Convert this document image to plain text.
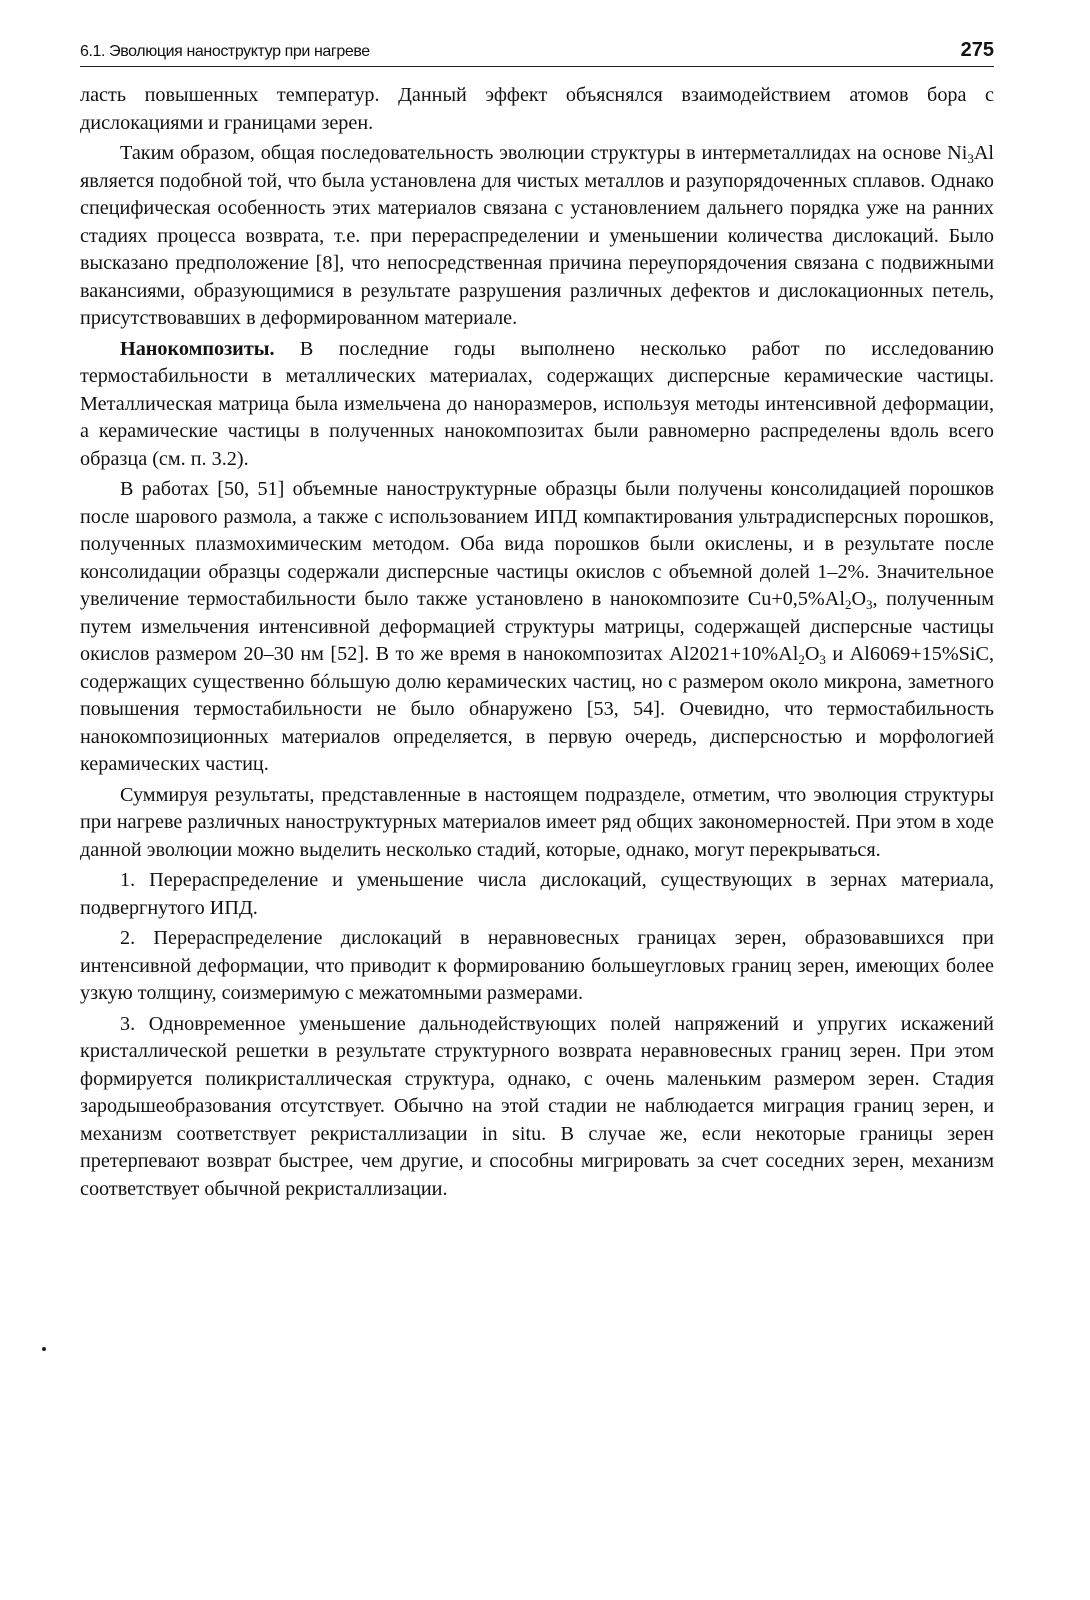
6.1. Эволюция наноструктур при нагреве	275

ласть повышенных температур. Данный эффект объяснялся взаимодействием атомов бора с дислокациями и границами зерен.

Таким образом, общая последовательность эволюции структуры в интерметаллидах на основе $Ni_3Al$ является подобной той, что была установлена для чистых металлов и разупорядоченных сплавов. Однако специфическая особенность этих материалов связана с установлением дальнего порядка уже на ранних стадиях процесса возврата, т.е. при перераспределении и уменьшении количества дислокаций. Было высказано предположение [8], что непосредственная причина переупорядочения связана с подвижными вакансиями, образующимися в результате разрушения различных дефектов и дислокационных петель, присутствовавших в деформированном материале.

Нанокомпозиты. В последние годы выполнено несколько работ по исследованию термостабильности в металлических материалах, содержащих дисперсные керамические частицы. Металлическая матрица была измельчена до наноразмеров, используя методы интенсивной деформации, а керамические частицы в полученных нанокомпозитах были равномерно распределены вдоль всего образца (см. п. 3.2).

В работах [50, 51] объемные наноструктурные образцы были получены консолидацией порошков после шарового размола, а также с использованием ИПД компактирования ультрадисперсных порошков, полученных плазмохимическим методом. Оба вида порошков были окислены, и в результате после консолидации образцы содержали дисперсные частицы окислов с объемной долей 1–2%. Значительное увеличение термостабильности было также установлено в нанокомпозите $Cu+0,5\%Al_2O_3$, полученным путем измельчения интенсивной деформацией структуры матрицы, содержащей дисперсные частицы окислов размером 20–30 нм [52]. В то же время в нанокомпозитах $Al2021+10\%Al_2O_3$ и Al6069+15%SiC, содержащих существенно бóльшую долю керамических частиц, но с размером около микрона, заметного повышения термостабильности не было обнаружено [53, 54]. Очевидно, что термостабильность нанокомпозиционных материалов определяется, в первую очередь, дисперсностью и морфологией керамических частиц.

Суммируя результаты, представленные в настоящем подразделе, отметим, что эволюция структуры при нагреве различных наноструктурных материалов имеет ряд общих закономерностей. При этом в ходе данной эволюции можно выделить несколько стадий, которые, однако, могут перекрываться.

1. Перераспределение и уменьшение числа дислокаций, существующих в зернах материала, подвергнутого ИПД.

2. Перераспределение дислокаций в неравновесных границах зерен, образовавшихся при интенсивной деформации, что приводит к формированию большеугловых границ зерен, имеющих более узкую толщину, соизмеримую с межатомными размерами.

3. Одновременное уменьшение дальнодействующих полей напряжений и упругих искажений кристаллической решетки в результате структурного возврата неравновесных границ зерен. При этом формируется поликристаллическая структура, однако, с очень маленьким размером зерен. Стадия зародышеобразования отсутствует. Обычно на этой стадии не наблюдается миграция границ зерен, и механизм соответствует рекристаллизации in situ. В случае же, если некоторые границы зерен претерпевают возврат быстрее, чем другие, и способны мигрировать за счет соседних зерен, механизм соответствует обычной рекристаллизации.
